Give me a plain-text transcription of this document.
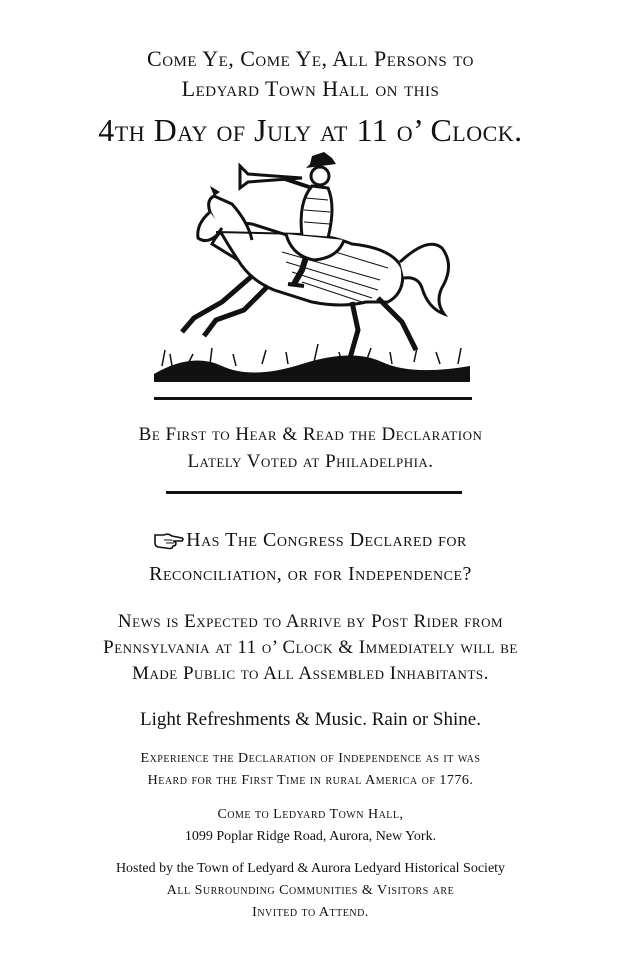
Come Ye, Come Ye, All Persons to
Ledyard Town Hall on this
4th Day of July at 11 o’ Clock.
Be First to Hear & Read the Declaration
Lately Voted at Philadelphia.
Has The Congress Declared for
Reconciliation, or for Independence?
News is Expected to Arrive by Post Rider from
Pennsylvania at 11 o’ Clock & Immediately will be
Made Public to All Assembled Inhabitants.
Light Refreshments & Music. Rain or Shine.
Experience the Declaration of Independence as it was
Heard for the First Time in rural America of 1776.
Come to Ledyard Town Hall,
1099 Poplar Ridge Road, Aurora, New York.
Hosted by the Town of Ledyard & Aurora Ledyard Historical Society
All Surrounding Communities & Visitors are
Invited to Attend.
